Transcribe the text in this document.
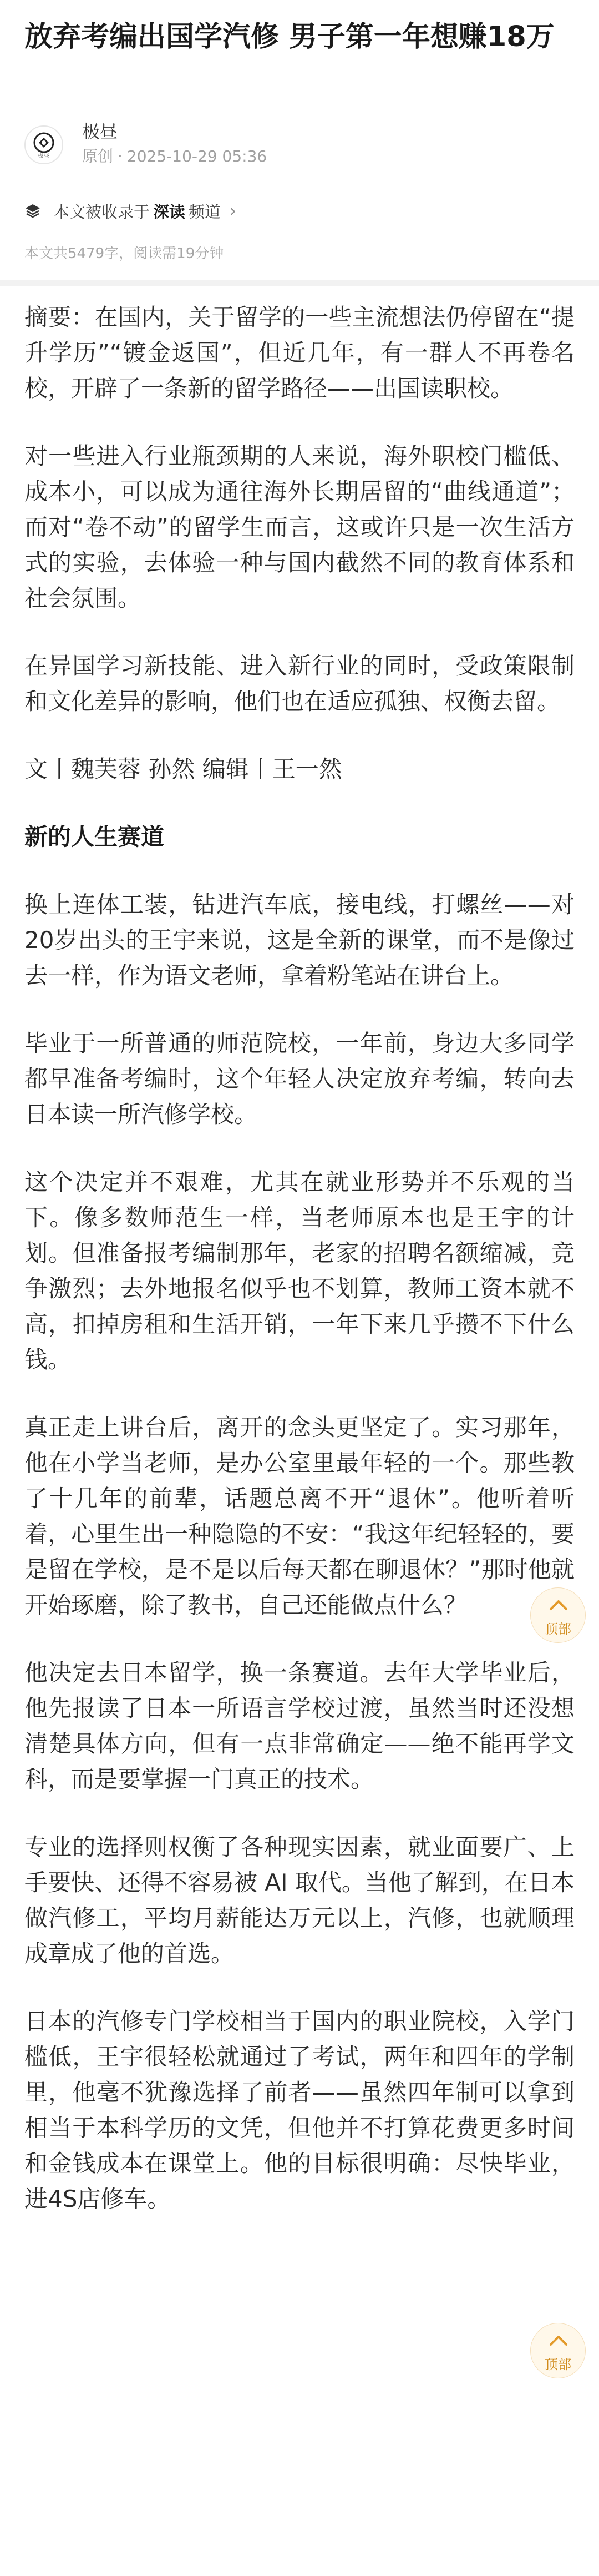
放弃考编出国学汽修 男子第一年想赚18万
极昼
极昼
原创 · 2025-10-29 05:36
本文被收录于 深读 频道 ›
本文共5479字，阅读需19分钟

摘要：在国内，关于留学的一些主流想法仍停留在“提升学历”“镀金返国”，但近几年，有一群人不再卷名校，开辟了一条新的留学路径——出国读职校。

对一些进入行业瓶颈期的人来说，海外职校门槛低、成本小，可以成为通往海外长期居留的“曲线通道”；而对“卷不动”的留学生而言，这或许只是一次生活方式的实验，去体验一种与国内截然不同的教育体系和社会氛围。

在异国学习新技能、进入新行业的同时，受政策限制和文化差异的影响，他们也在适应孤独、权衡去留。

文丨魏芙蓉 孙然 编辑丨王一然

新的人生赛道

换上连体工装，钻进汽车底，接电线，打螺丝——对20岁出头的王宇来说，这是全新的课堂，而不是像过去一样，作为语文老师，拿着粉笔站在讲台上。

毕业于一所普通的师范院校，一年前，身边大多同学都早准备考编时，这个年轻人决定放弃考编，转向去日本读一所汽修学校。

这个决定并不艰难，尤其在就业形势并不乐观的当下。像多数师范生一样，当老师原本也是王宇的计划。但准备报考编制那年，老家的招聘名额缩减，竞争激烈；去外地报名似乎也不划算，教师工资本就不高，扣掉房租和生活开销，一年下来几乎攒不下什么钱。

真正走上讲台后，离开的念头更坚定了。实习那年，他在小学当老师，是办公室里最年轻的一个。那些教了十几年的前辈，话题总离不开“退休”。他听着听着，心里生出一种隐隐的不安：“我这年纪轻轻的，要是留在学校，是不是以后每天都在聊退休？”那时他就开始琢磨，除了教书，自己还能做点什么？

他决定去日本留学，换一条赛道。去年大学毕业后，他先报读了日本一所语言学校过渡，虽然当时还没想清楚具体方向，但有一点非常确定——绝不能再学文科，而是要掌握一门真正的技术。

专业的选择则权衡了各种现实因素，就业面要广、上手要快、还得不容易被 AI 取代。当他了解到，在日本做汽修工，平均月薪能达万元以上，汽修，也就顺理成章成了他的首选。

日本的汽修专门学校相当于国内的职业院校，入学门槛低，王宇很轻松就通过了考试，两年和四年的学制里，他毫不犹豫选择了前者——虽然四年制可以拿到相当于本科学历的文凭，但他并不打算花费更多时间和金钱成本在课堂上。他的目标很明确：尽快毕业，进4S店修车。

顶部
顶部
